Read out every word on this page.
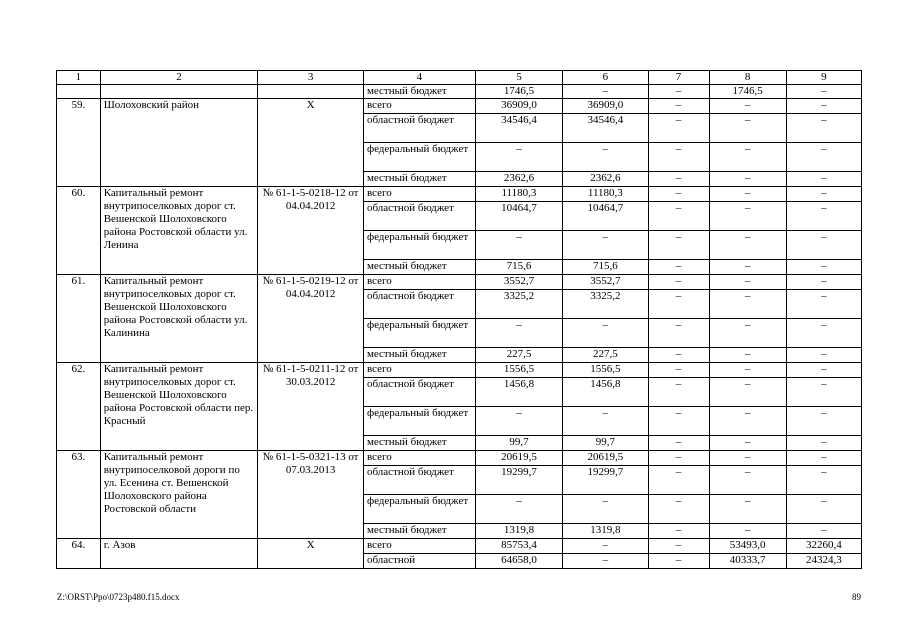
1	2	3	4	5	6	7	8	9
			местный бюджет	1746,5	–	–	1746,5	–
59.	Шолоховский район	Х	всего	36909,0	36909,0	–	–	–
			областной бюджет	34546,4	34546,4	–	–	–
			федеральный бюджет	–	–	–	–	–
			местный бюджет	2362,6	2362,6	–	–	–
60.	Капитальный ремонт внутрипоселковых дорог ст. Вешенской Шолоховского района Ростовской области ул. Ленина	№ 61-1-5-0218-12 от 04.04.2012	всего	11180,3	11180,3	–	–	–
			областной бюджет	10464,7	10464,7	–	–	–
			федеральный бюджет	–	–	–	–	–
			местный бюджет	715,6	715,6	–	–	–
61.	Капитальный ремонт внутрипоселковых дорог ст. Вешенской Шолоховского района Ростовской области ул. Калинина	№ 61-1-5-0219-12 от 04.04.2012	всего	3552,7	3552,7	–	–	–
			областной бюджет	3325,2	3325,2	–	–	–
			федеральный бюджет	–	–	–	–	–
			местный бюджет	227,5	227,5	–	–	–
62.	Капитальный ремонт внутрипоселковых дорог ст. Вешенской Шолоховского района Ростовской области пер. Красный	№ 61-1-5-0211-12 от 30.03.2012	всего	1556,5	1556,5	–	–	–
			областной бюджет	1456,8	1456,8	–	–	–
			федеральный бюджет	–	–	–	–	–
			местный бюджет	99,7	99,7	–	–	–
63.	Капитальный ремонт внутрипоселковой дороги по ул. Есенина ст. Вешенской Шолоховского района Ростовской области	№ 61-1-5-0321-13 от 07.03.2013	всего	20619,5	20619,5	–	–	–
			областной бюджет	19299,7	19299,7	–	–	–
			федеральный бюджет	–	–	–	–	–
			местный бюджет	1319,8	1319,8	–	–	–
64.	г. Азов	Х	всего	85753,4	–	–	53493,0	32260,4
			областной	64658,0	–	–	40333,7	24324,3
Z:\ORST\Ppo\0723p480.f15.docx	89
